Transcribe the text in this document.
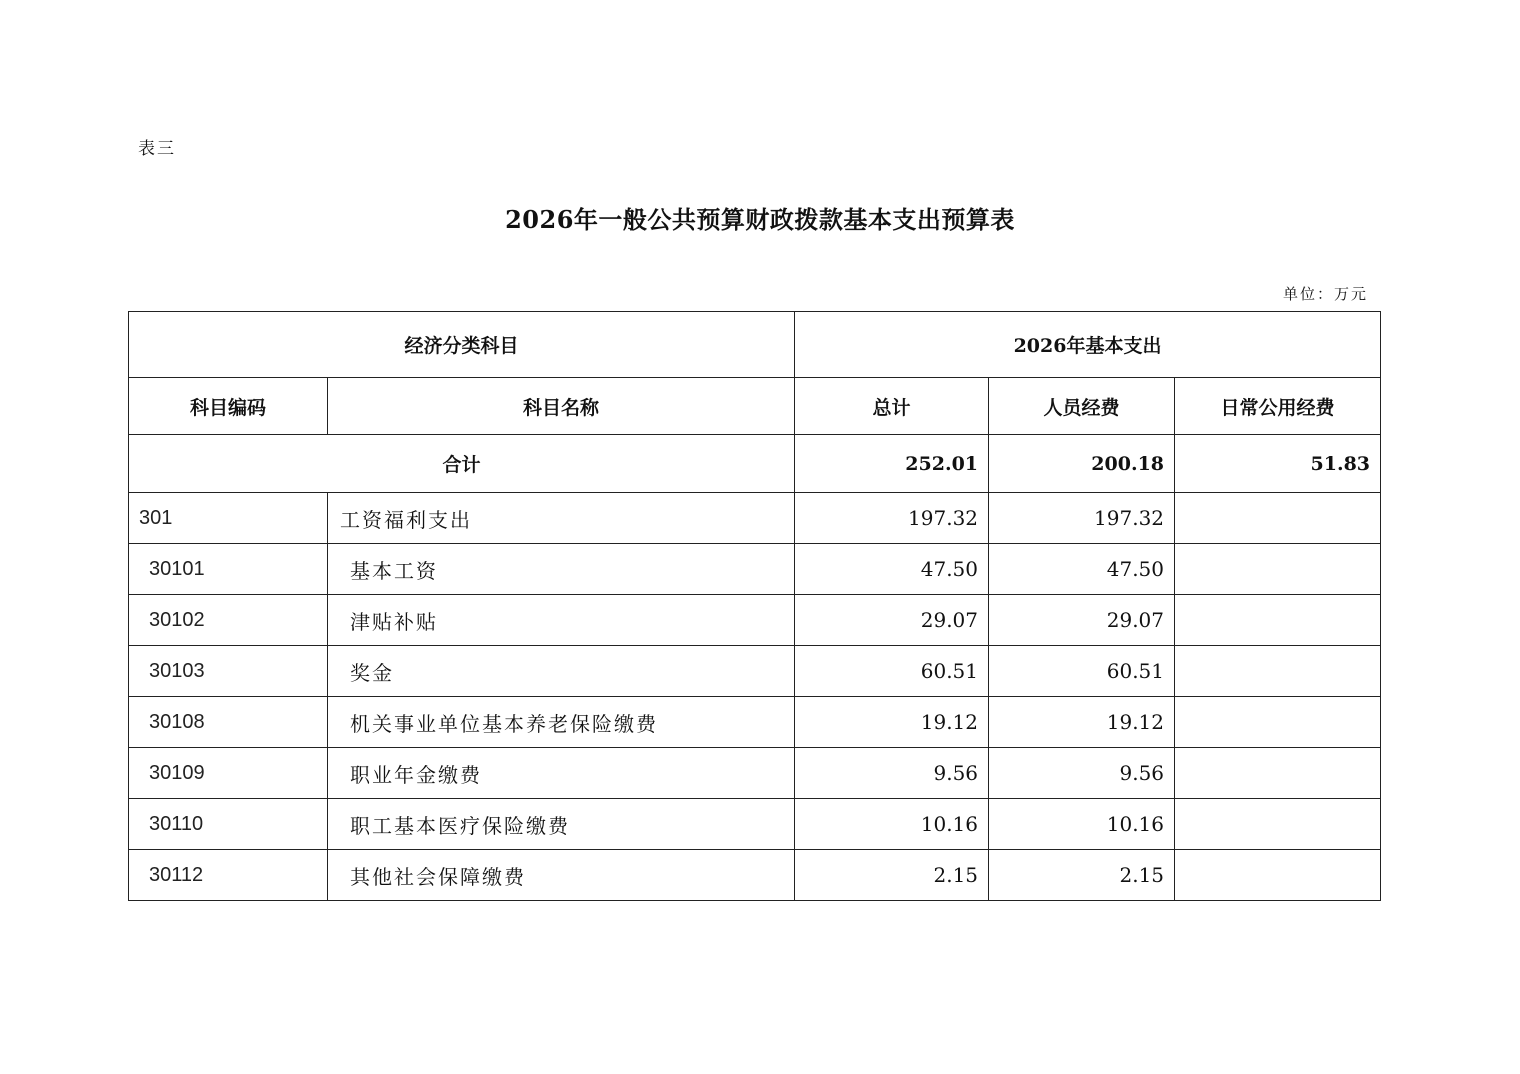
表三
2026年一般公共预算财政拨款基本支出预算表
单位：万元
经济分类科目		2026年基本支出		
科目编码	科目名称	总计	人员经费	日常公用经费
合计		252.01	200.18	51.83
301	工资福利支出	197.32	197.32	
30101	基本工资	47.50	47.50	
30102	津贴补贴	29.07	29.07	
30103	奖金	60.51	60.51	
30108	机关事业单位基本养老保险缴费	19.12	19.12	
30109	职业年金缴费	9.56	9.56	
30110	职工基本医疗保险缴费	10.16	10.16	
30112	其他社会保障缴费	2.15	2.15	
